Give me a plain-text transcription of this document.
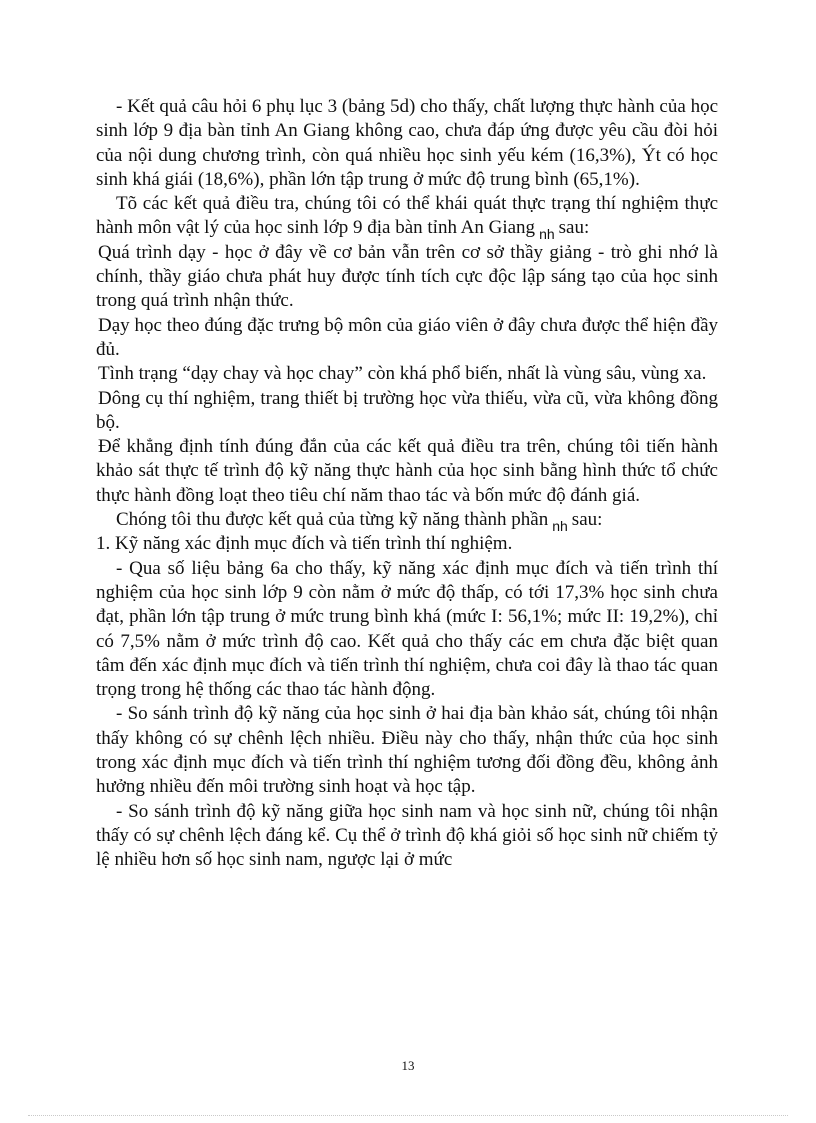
- Kết quả câu hỏi 6 phụ lục 3 (bảng 5d) cho thấy, chất lượng thực hành của học sinh lớp 9 địa bàn tỉnh An Giang không cao, chưa đáp ứng được yêu cầu đòi hỏi của nội dung chương trình, còn quá nhiều học sinh yếu kém (16,3%), Ýt có học sinh khá giái (18,6%), phần lớn tập trung ở mức độ trung bình (65,1%).

Tõ các kết quả điều tra, chúng tôi có thể khái quát thực trạng thí nghiệm thực hành môn vật lý của học sinh lớp 9 địa bàn tỉnh An Giang $_{nh}$ sau:

Quá trình dạy - học ở đây về cơ bản vẫn trên cơ sở thầy giảng - trò ghi nhớ là chính, thầy giáo chưa phát huy được tính tích cực độc lập sáng tạo của học sinh trong quá trình nhận thức.

Dạy học theo đúng đặc trưng bộ môn của giáo viên ở đây chưa được thể hiện đầy đủ.

Tình trạng “dạy chay và học chay” còn khá phổ biến, nhất là vùng sâu, vùng xa.

Dông cụ thí nghiệm, trang thiết bị trường học vừa thiếu, vừa cũ, vừa không đồng bộ.

Để khẳng định tính đúng đắn của các kết quả điều tra trên, chúng tôi tiến hành khảo sát thực tế trình độ kỹ năng thực hành của học sinh bằng hình thức tổ chức thực hành đồng loạt theo tiêu chí năm thao tác và bốn mức độ đánh giá.

Chóng tôi thu được kết quả của từng kỹ năng thành phần $_{nh}$ sau:

1. Kỹ năng xác định mục đích và tiến trình thí nghiệm.

- Qua số liệu bảng 6a cho thấy, kỹ năng xác định mục đích và tiến trình thí nghiệm của học sinh lớp 9 còn nằm ở mức độ thấp, có tới 17,3% học sinh chưa đạt, phần lớn tập trung ở mức trung bình khá (mức I: 56,1%; mức II: 19,2%), chỉ có 7,5% nằm ở mức trình độ cao. Kết quả cho thấy các em chưa đặc biệt quan tâm đến xác định mục đích và tiến trình thí nghiệm, chưa coi đây là thao tác quan trọng trong hệ thống các thao tác hành động.

- So sánh trình độ kỹ năng của học sinh ở hai địa bàn khảo sát, chúng tôi nhận thấy không có sự chênh lệch nhiều. Điều này cho thấy, nhận thức của học sinh trong xác định mục đích và tiến trình thí nghiệm tương đối đồng đều, không ảnh hưởng nhiều đến môi trường sinh hoạt và học tập.

- So sánh trình độ kỹ năng giữa học sinh nam và học sinh nữ, chúng tôi nhận thấy có sự chênh lệch đáng kể. Cụ thể ở trình độ khá giỏi số học sinh nữ chiếm tỷ lệ nhiều hơn số học sinh nam, ngược lại ở mức

13
